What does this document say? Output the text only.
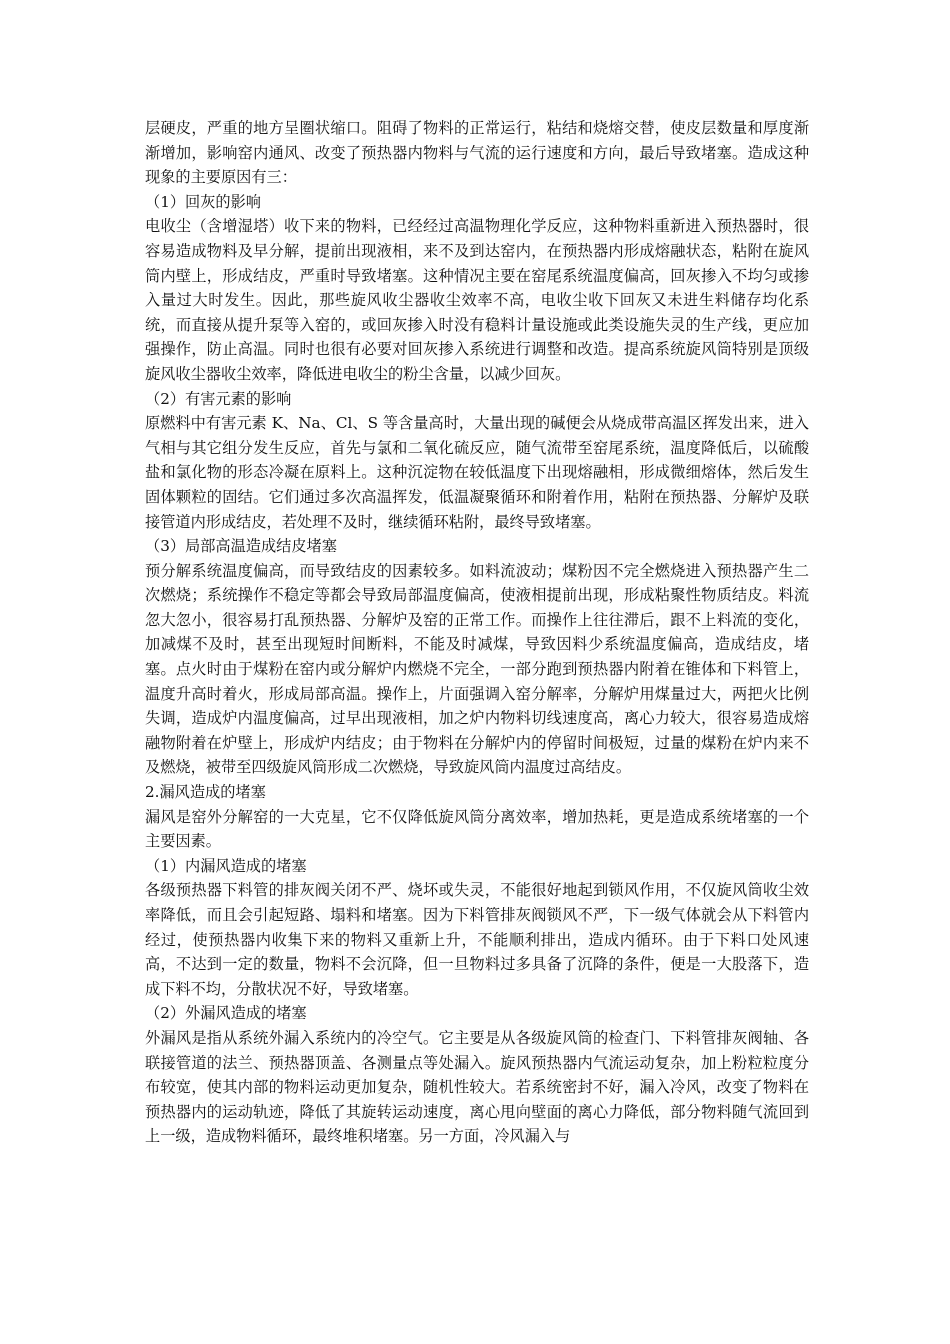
层硬皮，严重的地方呈圈状缩口。阻碍了物料的正常运行，粘结和烧熔交替，使皮层数量和厚度渐渐增加，影响窑内通风、改变了预热器内物料与气流的运行速度和方向，最后导致堵塞。造成这种现象的主要原因有三：

（1）回灰的影响

电收尘（含增湿塔）收下来的物料，已经经过高温物理化学反应，这种物料重新进入预热器时，很容易造成物料及早分解，提前出现液相，来不及到达窑内，在预热器内形成熔融状态，粘附在旋风筒内壁上，形成结皮，严重时导致堵塞。这种情况主要在窑尾系统温度偏高，回灰掺入不均匀或掺入量过大时发生。因此，那些旋风收尘器收尘效率不高，电收尘收下回灰又未进生料储存均化系统，而直接从提升泵等入窑的，或回灰掺入时没有稳料计量设施或此类设施失灵的生产线，更应加强操作，防止高温。同时也很有必要对回灰掺入系统进行调整和改造。提高系统旋风筒特别是顶级旋风收尘器收尘效率，降低进电收尘的粉尘含量，以减少回灰。

（2）有害元素的影响

原燃料中有害元素 K、Na、Cl、S 等含量高时，大量出现的碱便会从烧成带高温区挥发出来，进入气相与其它组分发生反应，首先与氯和二氧化硫反应，随气流带至窑尾系统，温度降低后，以硫酸盐和氯化物的形态冷凝在原料上。这种沉淀物在较低温度下出现熔融相，形成微细熔体，然后发生固体颗粒的固结。它们通过多次高温挥发，低温凝聚循环和附着作用，粘附在预热器、分解炉及联接管道内形成结皮，若处理不及时，继续循环粘附，最终导致堵塞。

（3）局部高温造成结皮堵塞

预分解系统温度偏高，而导致结皮的因素较多。如料流波动；煤粉因不完全燃烧进入预热器产生二次燃烧；系统操作不稳定等都会导致局部温度偏高，使液相提前出现，形成粘聚性物质结皮。料流忽大忽小，很容易打乱预热器、分解炉及窑的正常工作。而操作上往往滞后，跟不上料流的变化，加减煤不及时，甚至出现短时间断料，不能及时减煤，导致因料少系统温度偏高，造成结皮，堵塞。点火时由于煤粉在窑内或分解炉内燃烧不完全，一部分跑到预热器内附着在锥体和下料管上，温度升高时着火，形成局部高温。操作上，片面强调入窑分解率，分解炉用煤量过大，两把火比例失调，造成炉内温度偏高，过早出现液相，加之炉内物料切线速度高，离心力较大，很容易造成熔融物附着在炉壁上，形成炉内结皮；由于物料在分解炉内的停留时间极短，过量的煤粉在炉内来不及燃烧，被带至四级旋风筒形成二次燃烧，导致旋风筒内温度过高结皮。

2.漏风造成的堵塞

漏风是窑外分解窑的一大克星，它不仅降低旋风筒分离效率，增加热耗，更是造成系统堵塞的一个主要因素。

（1）内漏风造成的堵塞

各级预热器下料管的排灰阀关闭不严、烧坏或失灵，不能很好地起到锁风作用，不仅旋风筒收尘效率降低，而且会引起短路、塌料和堵塞。因为下料管排灰阀锁风不严，下一级气体就会从下料管内经过，使预热器内收集下来的物料又重新上升，不能顺利排出，造成内循环。由于下料口处风速高，不达到一定的数量，物料不会沉降，但一旦物料过多具备了沉降的条件，便是一大股落下，造成下料不均，分散状况不好，导致堵塞。

（2）外漏风造成的堵塞

外漏风是指从系统外漏入系统内的冷空气。它主要是从各级旋风筒的检查门、下料管排灰阀轴、各联接管道的法兰、预热器顶盖、各测量点等处漏入。旋风预热器内气流运动复杂，加上粉粒粒度分布较宽，使其内部的物料运动更加复杂，随机性较大。若系统密封不好，漏入冷风，改变了物料在预热器内的运动轨迹，降低了其旋转运动速度，离心甩向壁面的离心力降低，部分物料随气流回到上一级，造成物料循环，最终堆积堵塞。另一方面，冷风漏入与
